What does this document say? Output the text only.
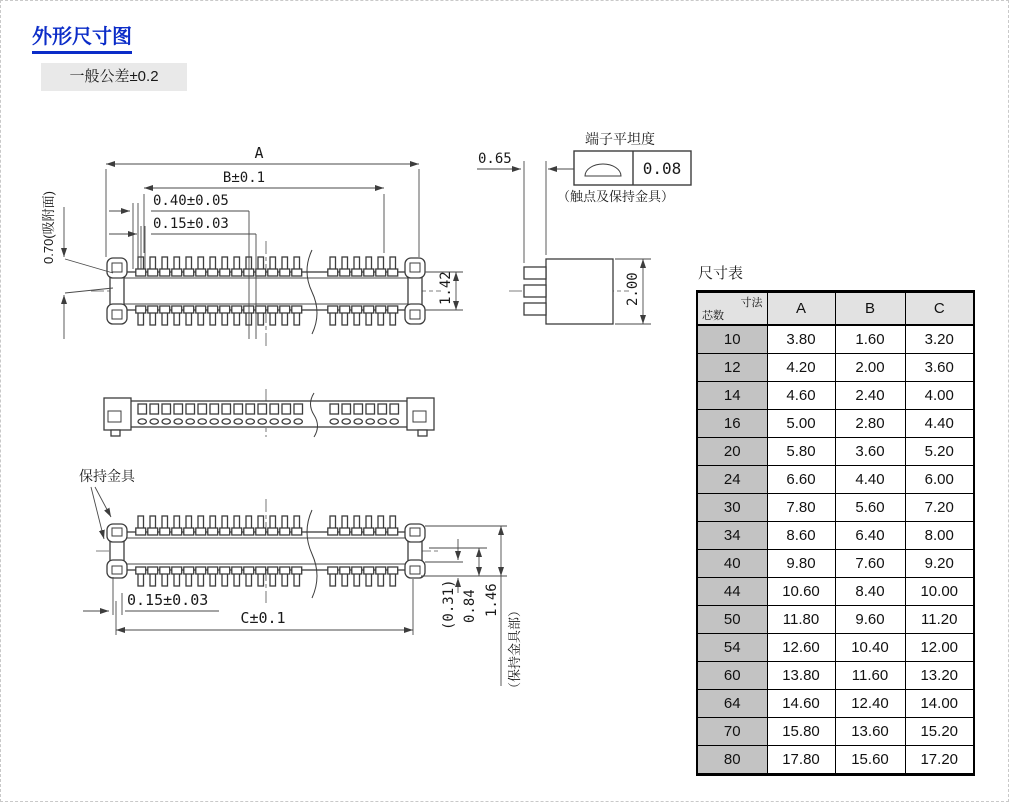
外形尺寸图
一般公差±0.2
A
B±0.1
0.40±0.05
0.15±0.03
0.70(吸附面)
1.42
0.65
2.00
端子平坦度
0.08
（触点及保持金具）
保持金具
0.15±0.03
C±0.1	(0.31) 0.84 1.46
（保持金具部）
尺寸表
寸法
芯数	A	B	C
10	3.80	1.60	3.20
12	4.20	2.00	3.60
14	4.60	2.40	4.00
16	5.00	2.80	4.40
20	5.80	3.60	5.20
24	6.60	4.40	6.00
30	7.80	5.60	7.20
34	8.60	6.40	8.00
40	9.80	7.60	9.20
44	10.60	8.40	10.00
50	11.80	9.60	11.20
54	12.60	10.40	12.00
60	13.80	11.60	13.20
64	14.60	12.40	14.00
70	15.80	13.60	15.20
80	17.80	15.60	17.20
